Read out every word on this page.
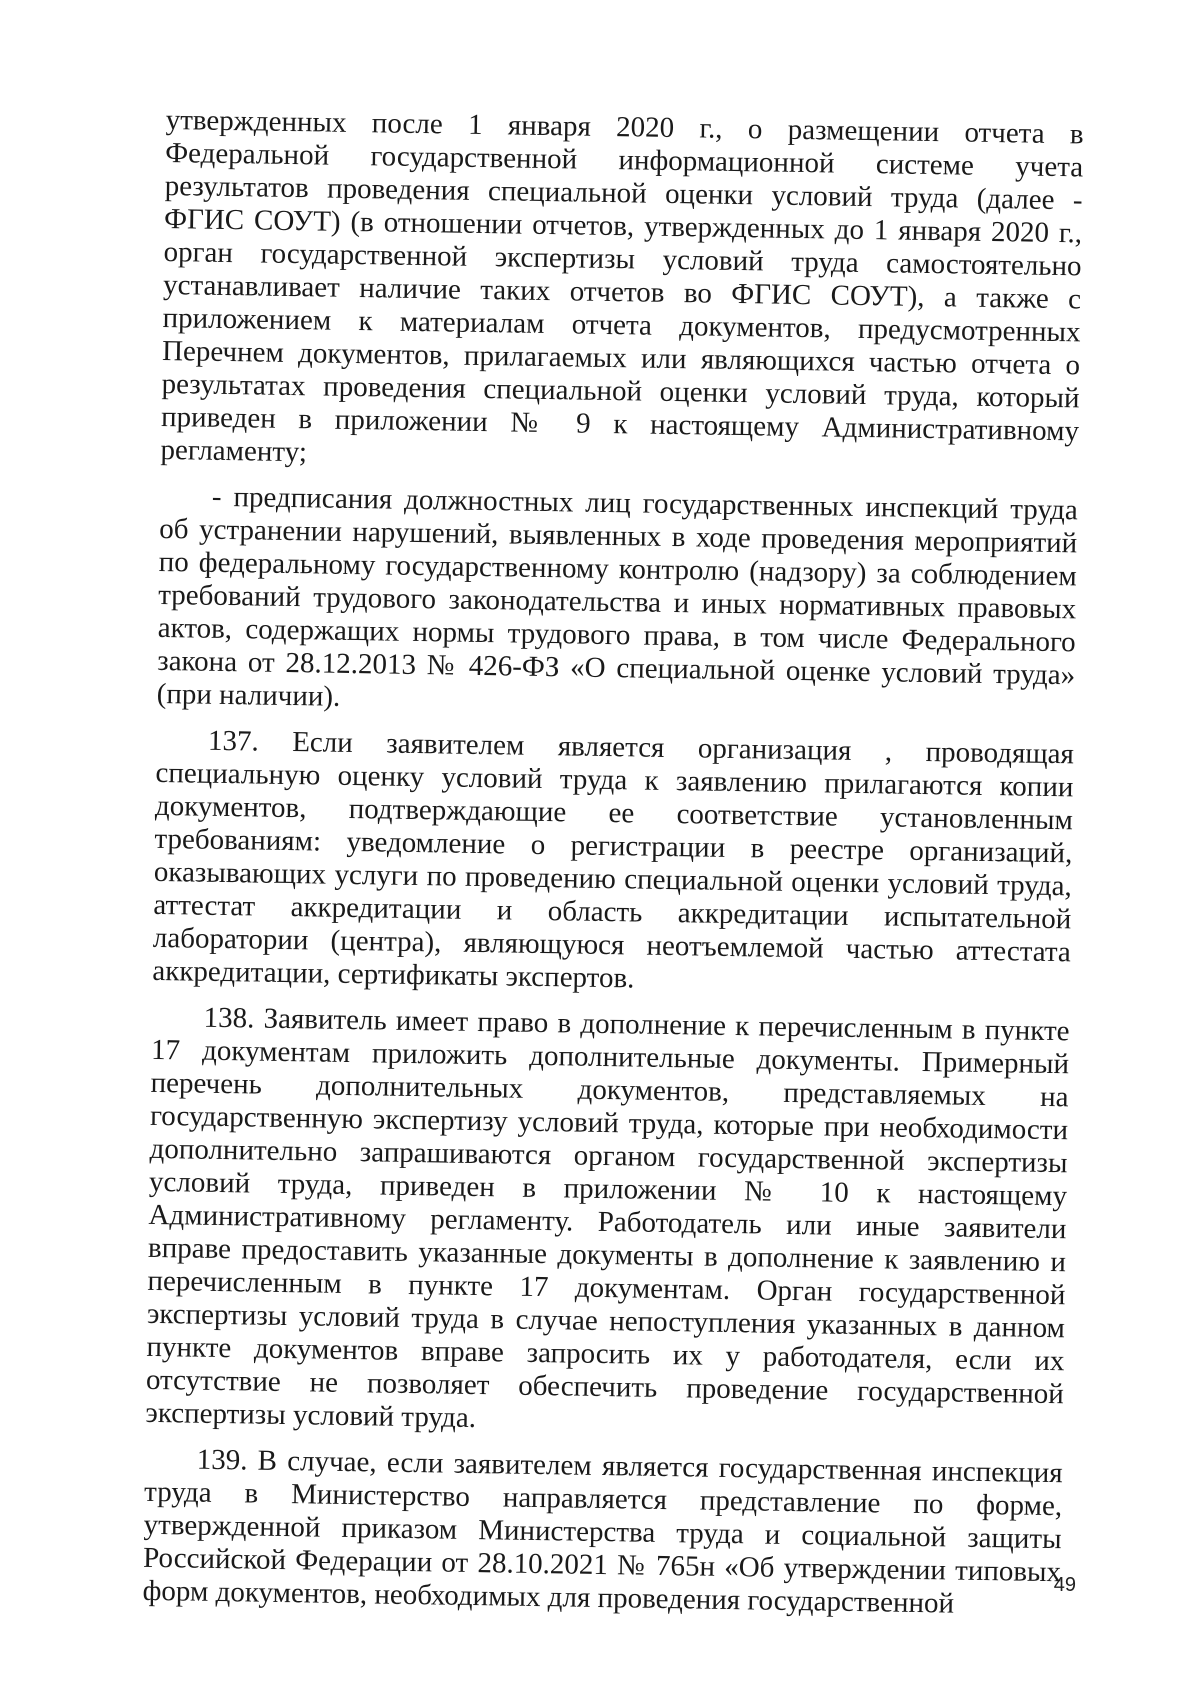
утвержденных после 1 января 2020 г., о размещении отчета в Федеральной государственной информационной системе учета результатов проведения специальной оценки условий труда (далее - ФГИС СОУТ) (в отношении отчетов, утвержденных до 1 января 2020 г., орган государственной экспертизы условий труда самостоятельно устанавливает наличие таких отчетов во ФГИС СОУТ), а также с приложением к материалам отчета документов, предусмотренных Перечнем документов, прилагаемых или являющихся частью отчета о результатах проведения специальной оценки условий труда, который приведен в приложении № 9 к настоящему Административному регламенту;

- предписания должностных лиц государственных инспекций труда об устранении нарушений, выявленных в ходе проведения мероприятий по федеральному государственному контролю (надзору) за соблюдением требований трудового законодательства и иных нормативных правовых актов, содержащих нормы трудового права, в том числе Федерального закона от 28.12.2013 № 426-ФЗ «О специальной оценке условий труда» (при наличии).

137. Если заявителем является организация , проводящая специальную оценку условий труда к заявлению прилагаются копии документов, подтверждающие ее соответствие установленным требованиям: уведомление о регистрации в реестре организаций, оказывающих услуги по проведению специальной оценки условий труда, аттестат аккредитации и область аккредитации испытательной лаборатории (центра), являющуюся неотъемлемой частью аттестата аккредитации, сертификаты экспертов.

138. Заявитель имеет право в дополнение к перечисленным в пункте 17 документам приложить дополнительные документы. Примерный перечень дополнительных документов, представляемых на государственную экспертизу условий труда, которые при необходимости дополнительно запрашиваются органом государственной экспертизы условий труда, приведен в приложении № 10 к настоящему Административному регламенту. Работодатель или иные заявители вправе предоставить указанные документы в дополнение к заявлению и перечисленным в пункте 17 документам. Орган государственной экспертизы условий труда в случае непоступления указанных в данном пункте документов вправе запросить их у работодателя, если их отсутствие не позволяет обеспечить проведение государственной экспертизы условий труда.

139. В случае, если заявителем является государственная инспекция труда в Министерство направляется представление по форме, утвержденной приказом Министерства труда и социальной защиты Российской Федерации от 28.10.2021 № 765н «Об утверждении типовых форм документов, необходимых для проведения государственной	49
